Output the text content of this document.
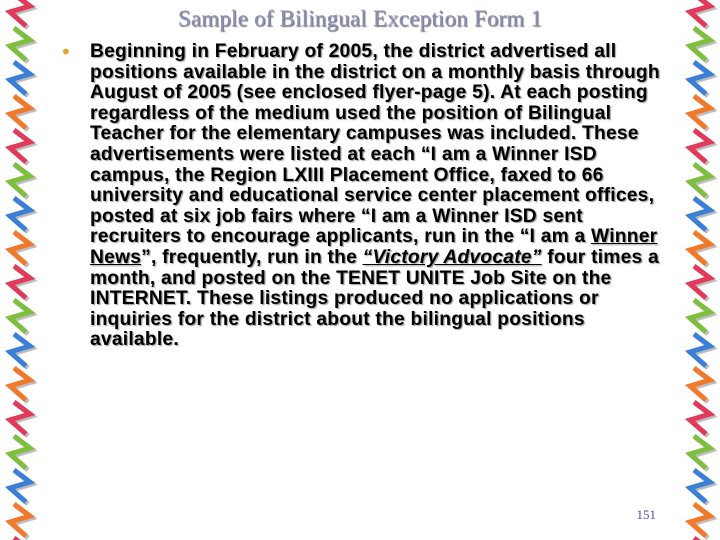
Sample of Bilingual Exception Form 1
• Beginning in February of 2005, the district advertised all positions available in the district on a monthly basis through August of 2005 (see enclosed flyer-page 5). At each posting regardless of the medium used the position of Bilingual Teacher for the elementary campuses was included. These advertisements were listed at each “I am a Winner ISD campus, the Region LXIII Placement Office, faxed to 66 university and educational service center placement offices, posted at six job fairs where “I am a Winner ISD sent recruiters to encourage applicants, run in the “I am a Winner News”, frequently, run in the “Victory Advocate” four times a month, and posted on the TENET UNITE Job Site on the INTERNET. These listings produced no applications or inquiries for the district about the bilingual positions available.

151
